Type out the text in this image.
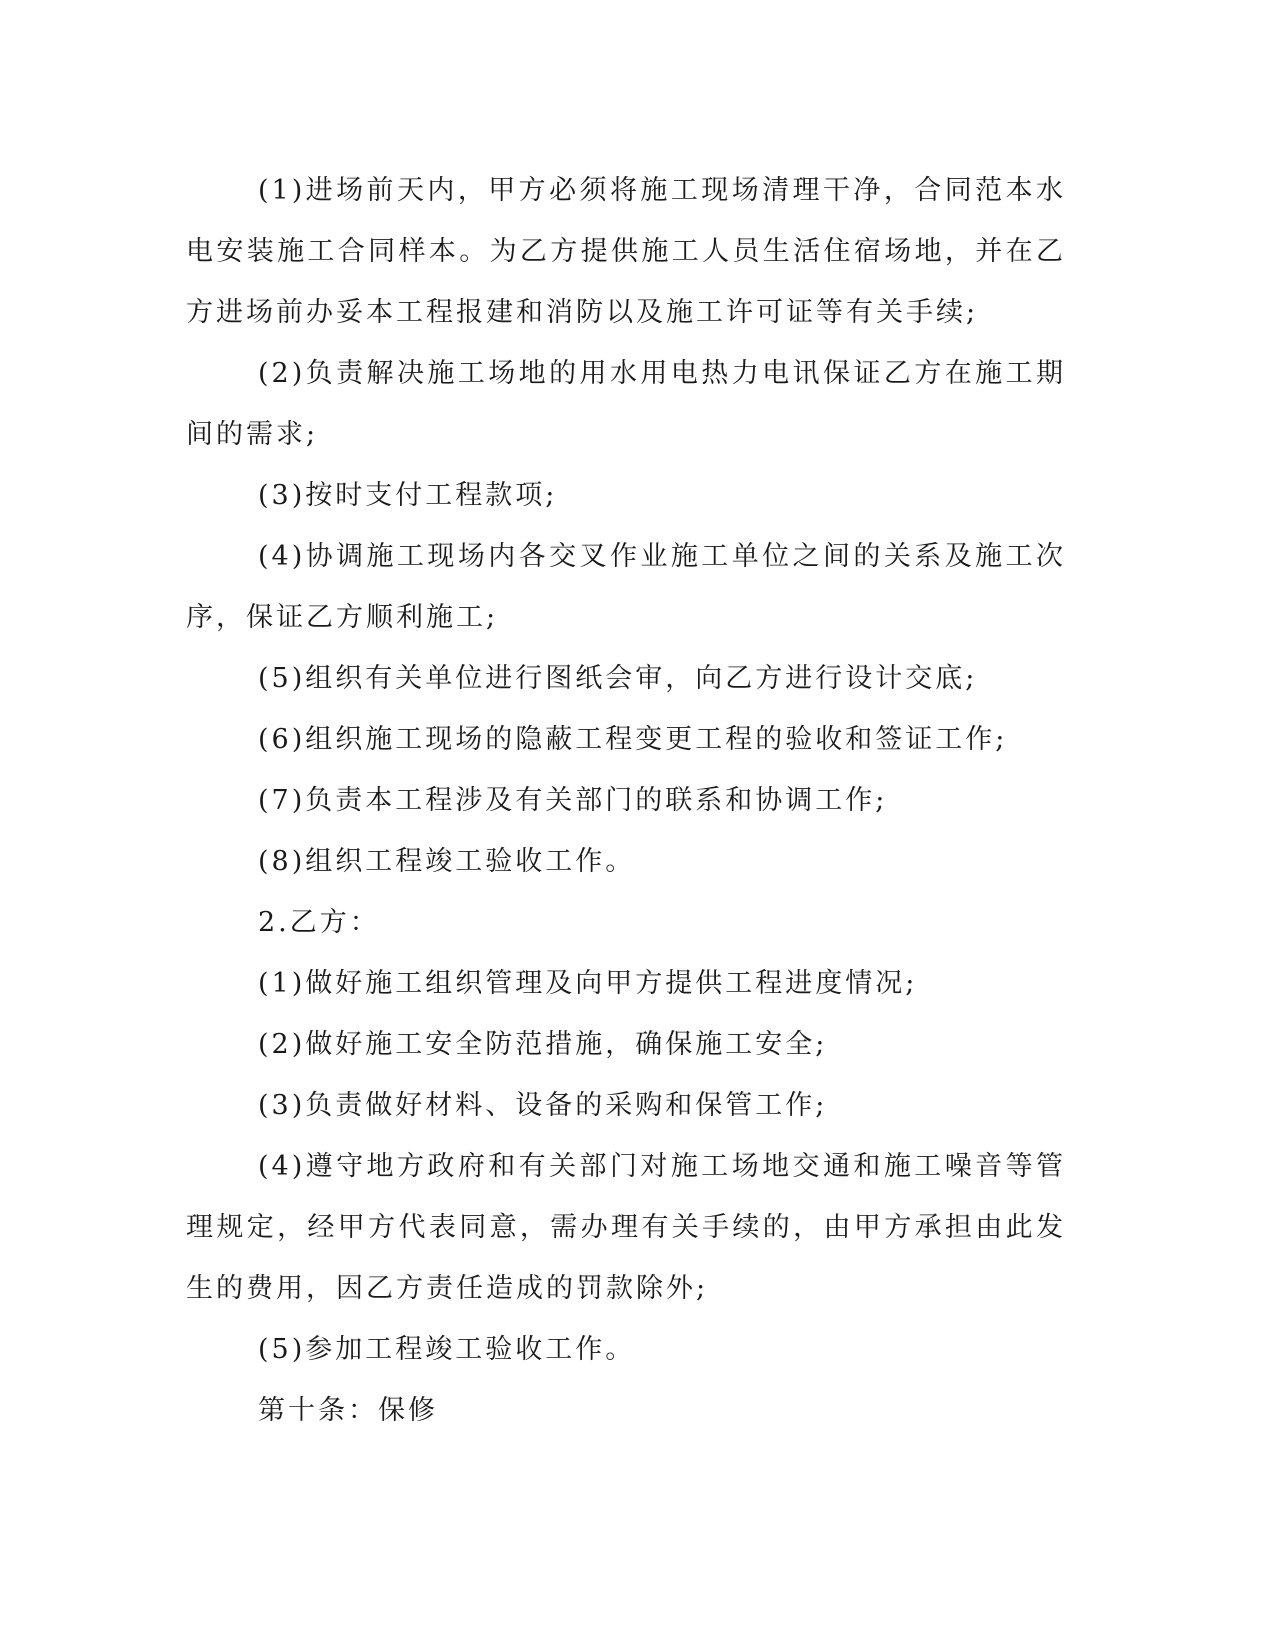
(1)进场前天内，甲方必须将施工现场清理干净，合同范本水电安装施工合同样本。为乙方提供施工人员生活住宿场地，并在乙方进场前办妥本工程报建和消防以及施工许可证等有关手续;

(2)负责解决施工场地的用水用电热力电讯保证乙方在施工期间的需求;

(3)按时支付工程款项;

(4)协调施工现场内各交叉作业施工单位之间的关系及施工次序，保证乙方顺利施工;

(5)组织有关单位进行图纸会审，向乙方进行设计交底;

(6)组织施工现场的隐蔽工程变更工程的验收和签证工作;

(7)负责本工程涉及有关部门的联系和协调工作;

(8)组织工程竣工验收工作。

2.乙方：

(1)做好施工组织管理及向甲方提供工程进度情况;

(2)做好施工安全防范措施，确保施工安全;

(3)负责做好材料、设备的采购和保管工作;

(4)遵守地方政府和有关部门对施工场地交通和施工噪音等管理规定，经甲方代表同意，需办理有关手续的，由甲方承担由此发生的费用，因乙方责任造成的罚款除外;

(5)参加工程竣工验收工作。

第十条：保修
